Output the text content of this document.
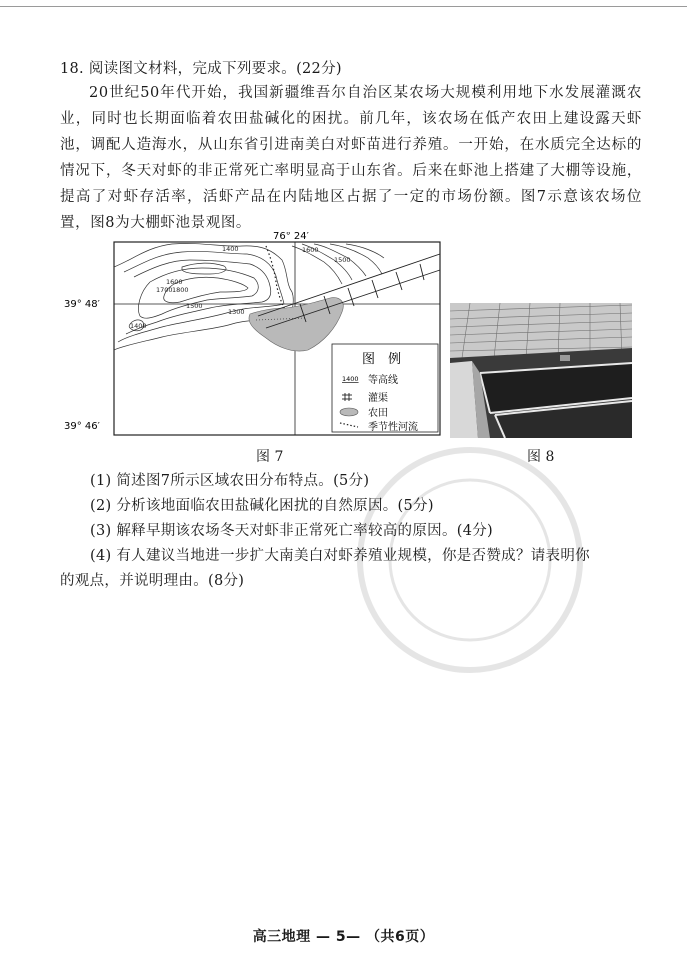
18. 阅读图文材料，完成下列要求。(22分)
20世纪50年代开始，我国新疆维吾尔自治区某农场大规模利用地下水发展灌溉农业，同时也长期面临着农田盐碱化的困扰。前几年，该农场在低产农田上建设露天虾池，调配人造海水，从山东省引进南美白对虾苗进行养殖。一开始，在水质完全达标的情况下，冬天对虾的非正常死亡率明显高于山东省。后来在虾池上搭建了大棚等设施，提高了对虾存活率，活虾产品在内陆地区占据了一定的市场份额。图7示意该农场位置，图8为大棚虾池景观图。
76° 24′
39° 48′
39° 46′
1400
1600
1700 1800
1500
1300
1400
1600
1500
图　例
1400 等高线
灌渠
农田
季节性河流
图 7	图 8
(1) 简述图7所示区域农田分布特点。(5分)
(2) 分析该地面临农田盐碱化困扰的自然原因。(5分)
(3) 解释早期该农场冬天对虾非正常死亡率较高的原因。(4分)
(4) 有人建议当地进一步扩大南美白对虾养殖业规模，你是否赞成？请表明你
的观点，并说明理由。(8分)
高三地理 — 5— （共6页）
